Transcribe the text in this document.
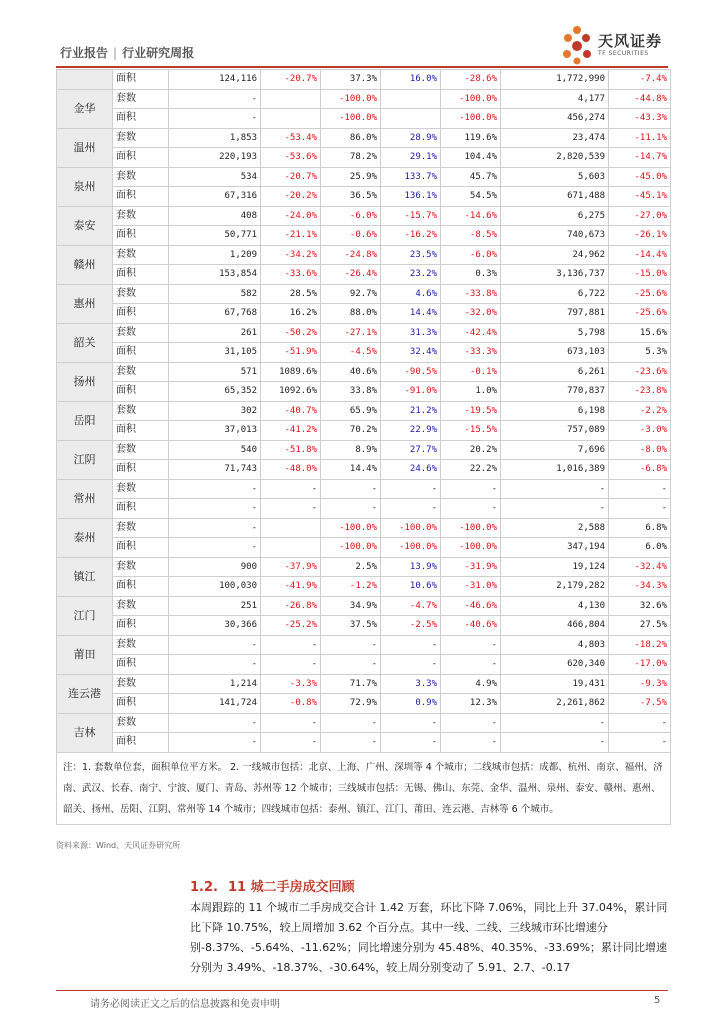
行业报告 | 行业研究周报
天风证券
TF SECURITIES
	面积	124,116	-20.7%	37.3%	16.0%	-28.6%	1,772,990	-7.4%
金华	套数	-		-100.0%		-100.0%	4,177	-44.8%
	面积	-		-100.0%		-100.0%	456,274	-43.3%
温州	套数	1,853	-53.4%	86.0%	28.9%	119.6%	23,474	-11.1%
	面积	220,193	-53.6%	78.2%	29.1%	104.4%	2,820,539	-14.7%
泉州	套数	534	-20.7%	25.9%	133.7%	45.7%	5,603	-45.0%
	面积	67,316	-20.2%	36.5%	136.1%	54.5%	671,488	-45.1%
泰安	套数	408	-24.0%	-6.0%	-15.7%	-14.6%	6,275	-27.0%
	面积	50,771	-21.1%	-0.6%	-16.2%	-8.5%	740,673	-26.1%
赣州	套数	1,209	-34.2%	-24.8%	23.5%	-6.0%	24,962	-14.4%
	面积	153,854	-33.6%	-26.4%	23.2%	0.3%	3,136,737	-15.0%
惠州	套数	582	28.5%	92.7%	4.6%	-33.8%	6,722	-25.6%
	面积	67,768	16.2%	88.0%	14.4%	-32.0%	797,881	-25.6%
韶关	套数	261	-50.2%	-27.1%	31.3%	-42.4%	5,798	15.6%
	面积	31,105	-51.9%	-4.5%	32.4%	-33.3%	673,103	5.3%
扬州	套数	571	1089.6%	40.6%	-90.5%	-0.1%	6,261	-23.6%
	面积	65,352	1092.6%	33.8%	-91.0%	1.0%	770,837	-23.8%
岳阳	套数	302	-40.7%	65.9%	21.2%	-19.5%	6,198	-2.2%
	面积	37,013	-41.2%	70.2%	22.9%	-15.5%	757,089	-3.0%
江阴	套数	540	-51.8%	8.9%	27.7%	20.2%	7,696	-8.0%
	面积	71,743	-48.0%	14.4%	24.6%	22.2%	1,016,389	-6.8%
常州	套数	-	-	-	-	-	-	-
	面积	-	-	-	-	-	-	-
泰州	套数	-		-100.0%	-100.0%	-100.0%	2,588	6.8%
	面积	-		-100.0%	-100.0%	-100.0%	347,194	6.0%
镇江	套数	900	-37.9%	2.5%	13.9%	-31.9%	19,124	-32.4%
	面积	100,030	-41.9%	-1.2%	10.6%	-31.0%	2,179,282	-34.3%
江门	套数	251	-26.8%	34.9%	-4.7%	-46.6%	4,130	32.6%
	面积	30,366	-25.2%	37.5%	-2.5%	-40.6%	466,804	27.5%
莆田	套数	-	-	-	-	-	4,803	-18.2%
	面积	-	-	-	-	-	620,340	-17.0%
连云港	套数	1,214	-3.3%	71.7%	3.3%	4.9%	19,431	-9.3%
	面积	141,724	-0.8%	72.9%	0.9%	12.3%	2,261,862	-7.5%
吉林	套数	-	-	-	-	-	-	-
	面积	-	-	-	-	-	-	-
注：1. 套数单位套，面积单位平方米。 2. 一线城市包括：北京、上海、广州、深圳等 4 个城市；二线城市包括：成都、杭州、南京、福州、济南、武汉、长春、南宁、宁波、厦门、青岛、苏州等 12 个城市；三线城市包括：无锡、佛山、东莞、金华、温州、泉州、泰安、赣州、惠州、韶关、扬州、岳阳、江阴、常州等 14 个城市；四线城市包括：泰州、镇江、江门、莆田、连云港、吉林等 6 个城市。								
资料来源：Wind、天风证券研究所
1.2. 11 城二手房成交回顾
本周跟踪的 11 个城市二手房成交合计 1.42 万套，环比下降 7.06%，同比上升 37.04%，累计同比下降 10.75%，较上周增加 3.62 个百分点。其中一线、二线、三线城市环比增速分别-8.37%、-5.64%、-11.62%；同比增速分别为 45.48%、40.35%、-33.69%；累计同比增速分别为 3.49%、-18.37%、-30.64%，较上周分别变动了 5.91、2.7、-0.17
请务必阅读正文之后的信息披露和免责申明	5
